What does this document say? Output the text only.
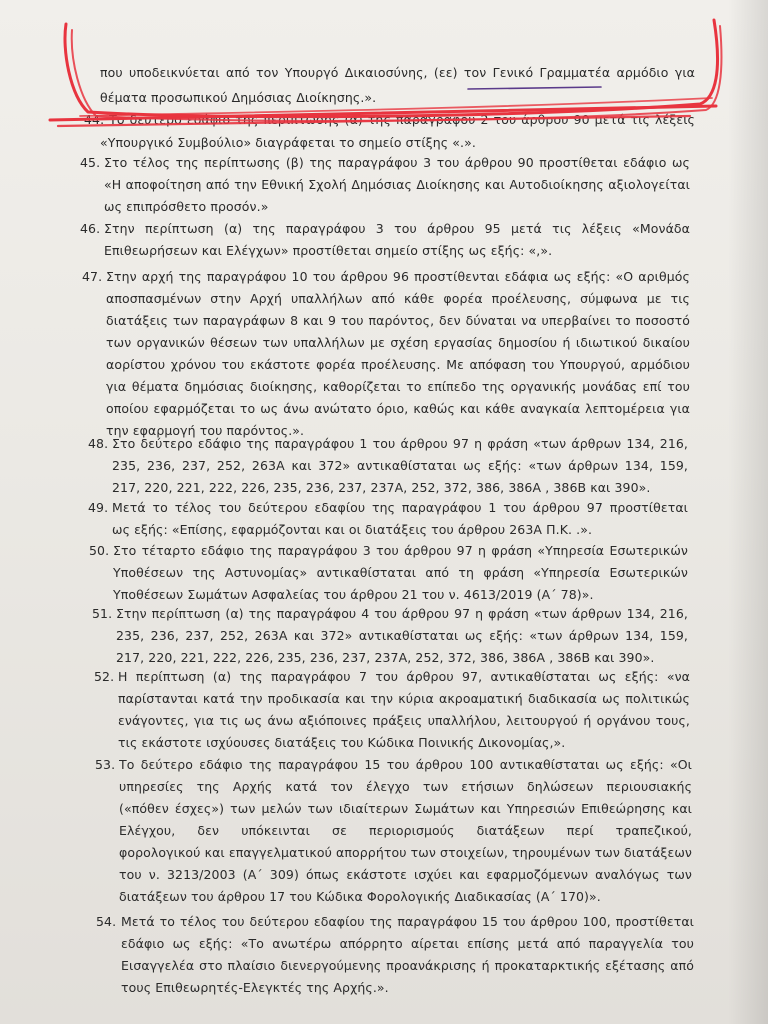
που υποδεικνύεται από τον Υπουργό Δικαιοσύνης, (εε) τον Γενικό Γραμματέα αρμόδιο για
θέματα προσωπικού Δημόσιας Διοίκησης.».
44. Το δεύτερο εδάφιο της περίπτωσης (α) της παραγράφου 2 του άρθρου 90 μετά τις λέξεις
«Υπουργικό Συμβούλιο» διαγράφεται το σημείο στίξης «.».
45. Στο τέλος της περίπτωσης (β) της παραγράφου 3 του άρθρου 90 προστίθεται εδάφιο ως
«Η αποφοίτηση από την Εθνική Σχολή Δημόσιας Διοίκησης και Αυτοδιοίκησης αξιολογείται
ως επιπρόσθετο προσόν.»
46. Στην περίπτωση (α) της παραγράφου 3 του άρθρου 95 μετά τις λέξεις «Μονάδα
Επιθεωρήσεων και Ελέγχων» προστίθεται σημείο στίξης ως εξής: «,».
47. Στην αρχή της παραγράφου 10 του άρθρου 96 προστίθενται εδάφια ως εξής: «Ο αριθμός
αποσπασμένων στην Αρχή υπαλλήλων από κάθε φορέα προέλευσης, σύμφωνα με τις
διατάξεις των παραγράφων 8 και 9 του παρόντος, δεν δύναται να υπερβαίνει το ποσοστό
των οργανικών θέσεων των υπαλλήλων με σχέση εργασίας δημοσίου ή ιδιωτικού δικαίου
αορίστου χρόνου του εκάστοτε φορέα προέλευσης. Με απόφαση του Υπουργού, αρμόδιου
για θέματα δημόσιας διοίκησης, καθορίζεται το επίπεδο της οργανικής μονάδας επί του
οποίου εφαρμόζεται το ως άνω ανώτατο όριο, καθώς και κάθε αναγκαία λεπτομέρεια για
την εφαρμογή του παρόντος.».
48. Στο δεύτερο εδάφιο της παραγράφου 1 του άρθρου 97 η φράση «των άρθρων 134, 216,
235, 236, 237, 252, 263Α και 372» αντικαθίσταται ως εξής: «των άρθρων 134, 159,
217, 220, 221, 222, 226, 235, 236, 237, 237Α, 252, 372, 386, 386Α , 386Β και 390».
49. Μετά το τέλος του δεύτερου εδαφίου της παραγράφου 1 του άρθρου 97 προστίθεται
ως εξής: «Επίσης, εφαρμόζονται και οι διατάξεις του άρθρου 263Α Π.Κ. .».
50. Στο τέταρτο εδάφιο της παραγράφου 3 του άρθρου 97 η φράση «Υπηρεσία Εσωτερικών
Υποθέσεων της Αστυνομίας» αντικαθίσταται από τη φράση «Υπηρεσία Εσωτερικών
Υποθέσεων Σωμάτων Ασφαλείας του άρθρου 21 του ν. 4613/2019 (Α΄ 78)».
51. Στην περίπτωση (α) της παραγράφου 4 του άρθρου 97 η φράση «των άρθρων 134, 216,
235, 236, 237, 252, 263Α και 372» αντικαθίσταται ως εξής: «των άρθρων 134, 159,
217, 220, 221, 222, 226, 235, 236, 237, 237Α, 252, 372, 386, 386Α , 386Β και 390».
52. Η περίπτωση (α) της παραγράφου 7 του άρθρου 97, αντικαθίσταται ως εξής: «να
παρίστανται κατά την προδικασία και την κύρια ακροαματική διαδικασία ως πολιτικώς
ενάγοντες, για τις ως άνω αξιόποινες πράξεις υπαλλήλου, λειτουργού ή οργάνου τους,
τις εκάστοτε ισχύουσες διατάξεις του Κώδικα Ποινικής Δικονομίας,».
53. Το δεύτερο εδάφιο της παραγράφου 15 του άρθρου 100 αντικαθίσταται ως εξής: «Οι
υπηρεσίες της Αρχής κατά τον έλεγχο των ετήσιων δηλώσεων περιουσιακής
(«πόθεν έσχες») των μελών των ιδιαίτερων Σωμάτων και Υπηρεσιών Επιθεώρησης και
Ελέγχου, δεν υπόκεινται σε περιορισμούς διατάξεων περί τραπεζικού,
φορολογικού και επαγγελματικού απορρήτου των στοιχείων, τηρουμένων των διατάξεων
του ν. 3213/2003 (Α΄ 309) όπως εκάστοτε ισχύει και εφαρμοζόμενων αναλόγως των
διατάξεων του άρθρου 17 του Κώδικα Φορολογικής Διαδικασίας (Α΄ 170)».
54. Μετά το τέλος του δεύτερου εδαφίου της παραγράφου 15 του άρθρου 100, προστίθεται
εδάφιο ως εξής: «Το ανωτέρω απόρρητο αίρεται επίσης μετά από παραγγελία του
Εισαγγελέα στο πλαίσιο διενεργούμενης προανάκρισης ή προκαταρκτικής εξέτασης από
τους Επιθεωρητές-Ελεγκτές της Αρχής.».
